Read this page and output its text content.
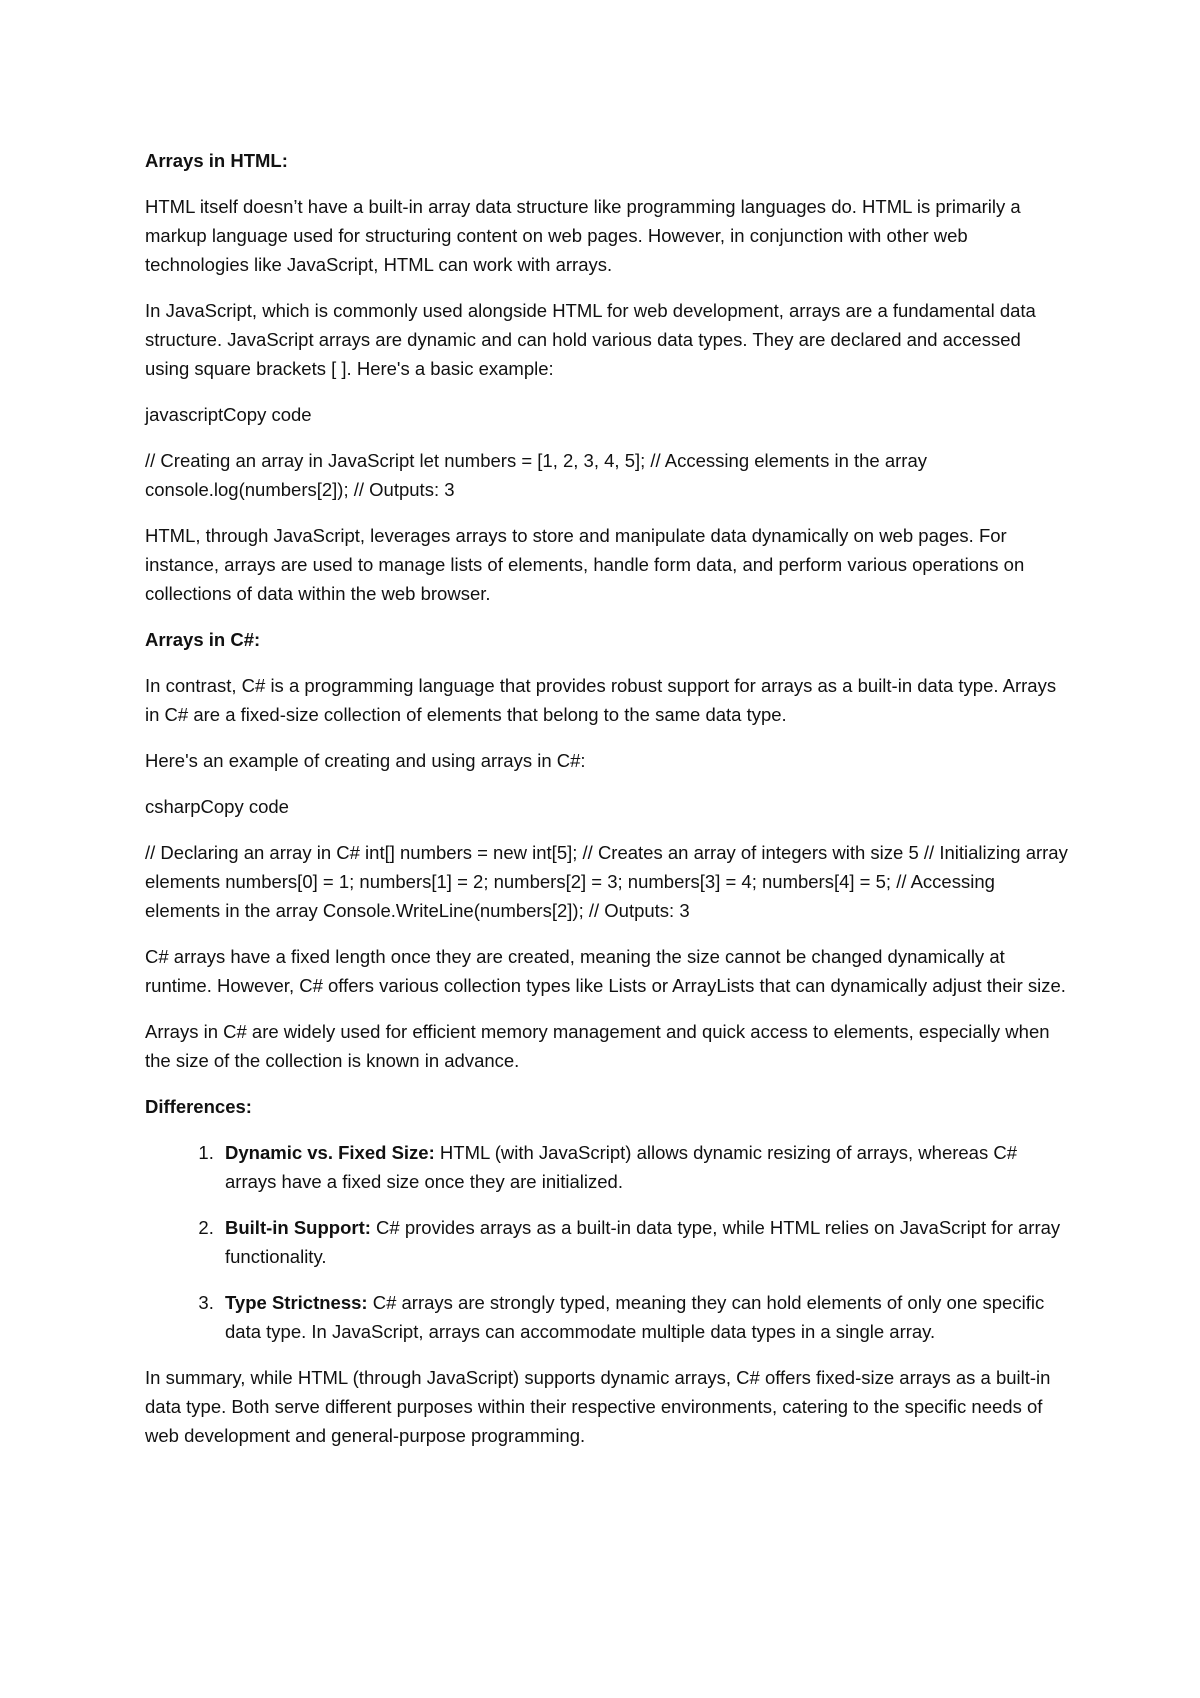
Arrays in HTML:

HTML itself doesn’t have a built-in array data structure like programming languages do. HTML is primarily a markup language used for structuring content on web pages. However, in conjunction with other web technologies like JavaScript, HTML can work with arrays.

In JavaScript, which is commonly used alongside HTML for web development, arrays are a fundamental data structure. JavaScript arrays are dynamic and can hold various data types. They are declared and accessed using square brackets [ ]. Here's a basic example:

javascriptCopy code

// Creating an array in JavaScript let numbers = [1, 2, 3, 4, 5]; // Accessing elements in the array console.log(numbers[2]); // Outputs: 3

HTML, through JavaScript, leverages arrays to store and manipulate data dynamically on web pages. For instance, arrays are used to manage lists of elements, handle form data, and perform various operations on collections of data within the web browser.

Arrays in C#:

In contrast, C# is a programming language that provides robust support for arrays as a built-in data type. Arrays in C# are a fixed-size collection of elements that belong to the same data type.

Here's an example of creating and using arrays in C#:

csharpCopy code

// Declaring an array in C# int[] numbers = new int[5]; // Creates an array of integers with size 5 // Initializing array elements numbers[0] = 1; numbers[1] = 2; numbers[2] = 3; numbers[3] = 4; numbers[4] = 5; // Accessing elements in the array Console.WriteLine(numbers[2]); // Outputs: 3

C# arrays have a fixed length once they are created, meaning the size cannot be changed dynamically at runtime. However, C# offers various collection types like Lists or ArrayLists that can dynamically adjust their size.

Arrays in C# are widely used for efficient memory management and quick access to elements, especially when the size of the collection is known in advance.

Differences:

1. Dynamic vs. Fixed Size: HTML (with JavaScript) allows dynamic resizing of arrays, whereas C# arrays have a fixed size once they are initialized.
2. Built-in Support: C# provides arrays as a built-in data type, while HTML relies on JavaScript for array functionality.
3. Type Strictness: C# arrays are strongly typed, meaning they can hold elements of only one specific data type. In JavaScript, arrays can accommodate multiple data types in a single array.

In summary, while HTML (through JavaScript) supports dynamic arrays, C# offers fixed-size arrays as a built-in data type. Both serve different purposes within their respective environments, catering to the specific needs of web development and general-purpose programming.
